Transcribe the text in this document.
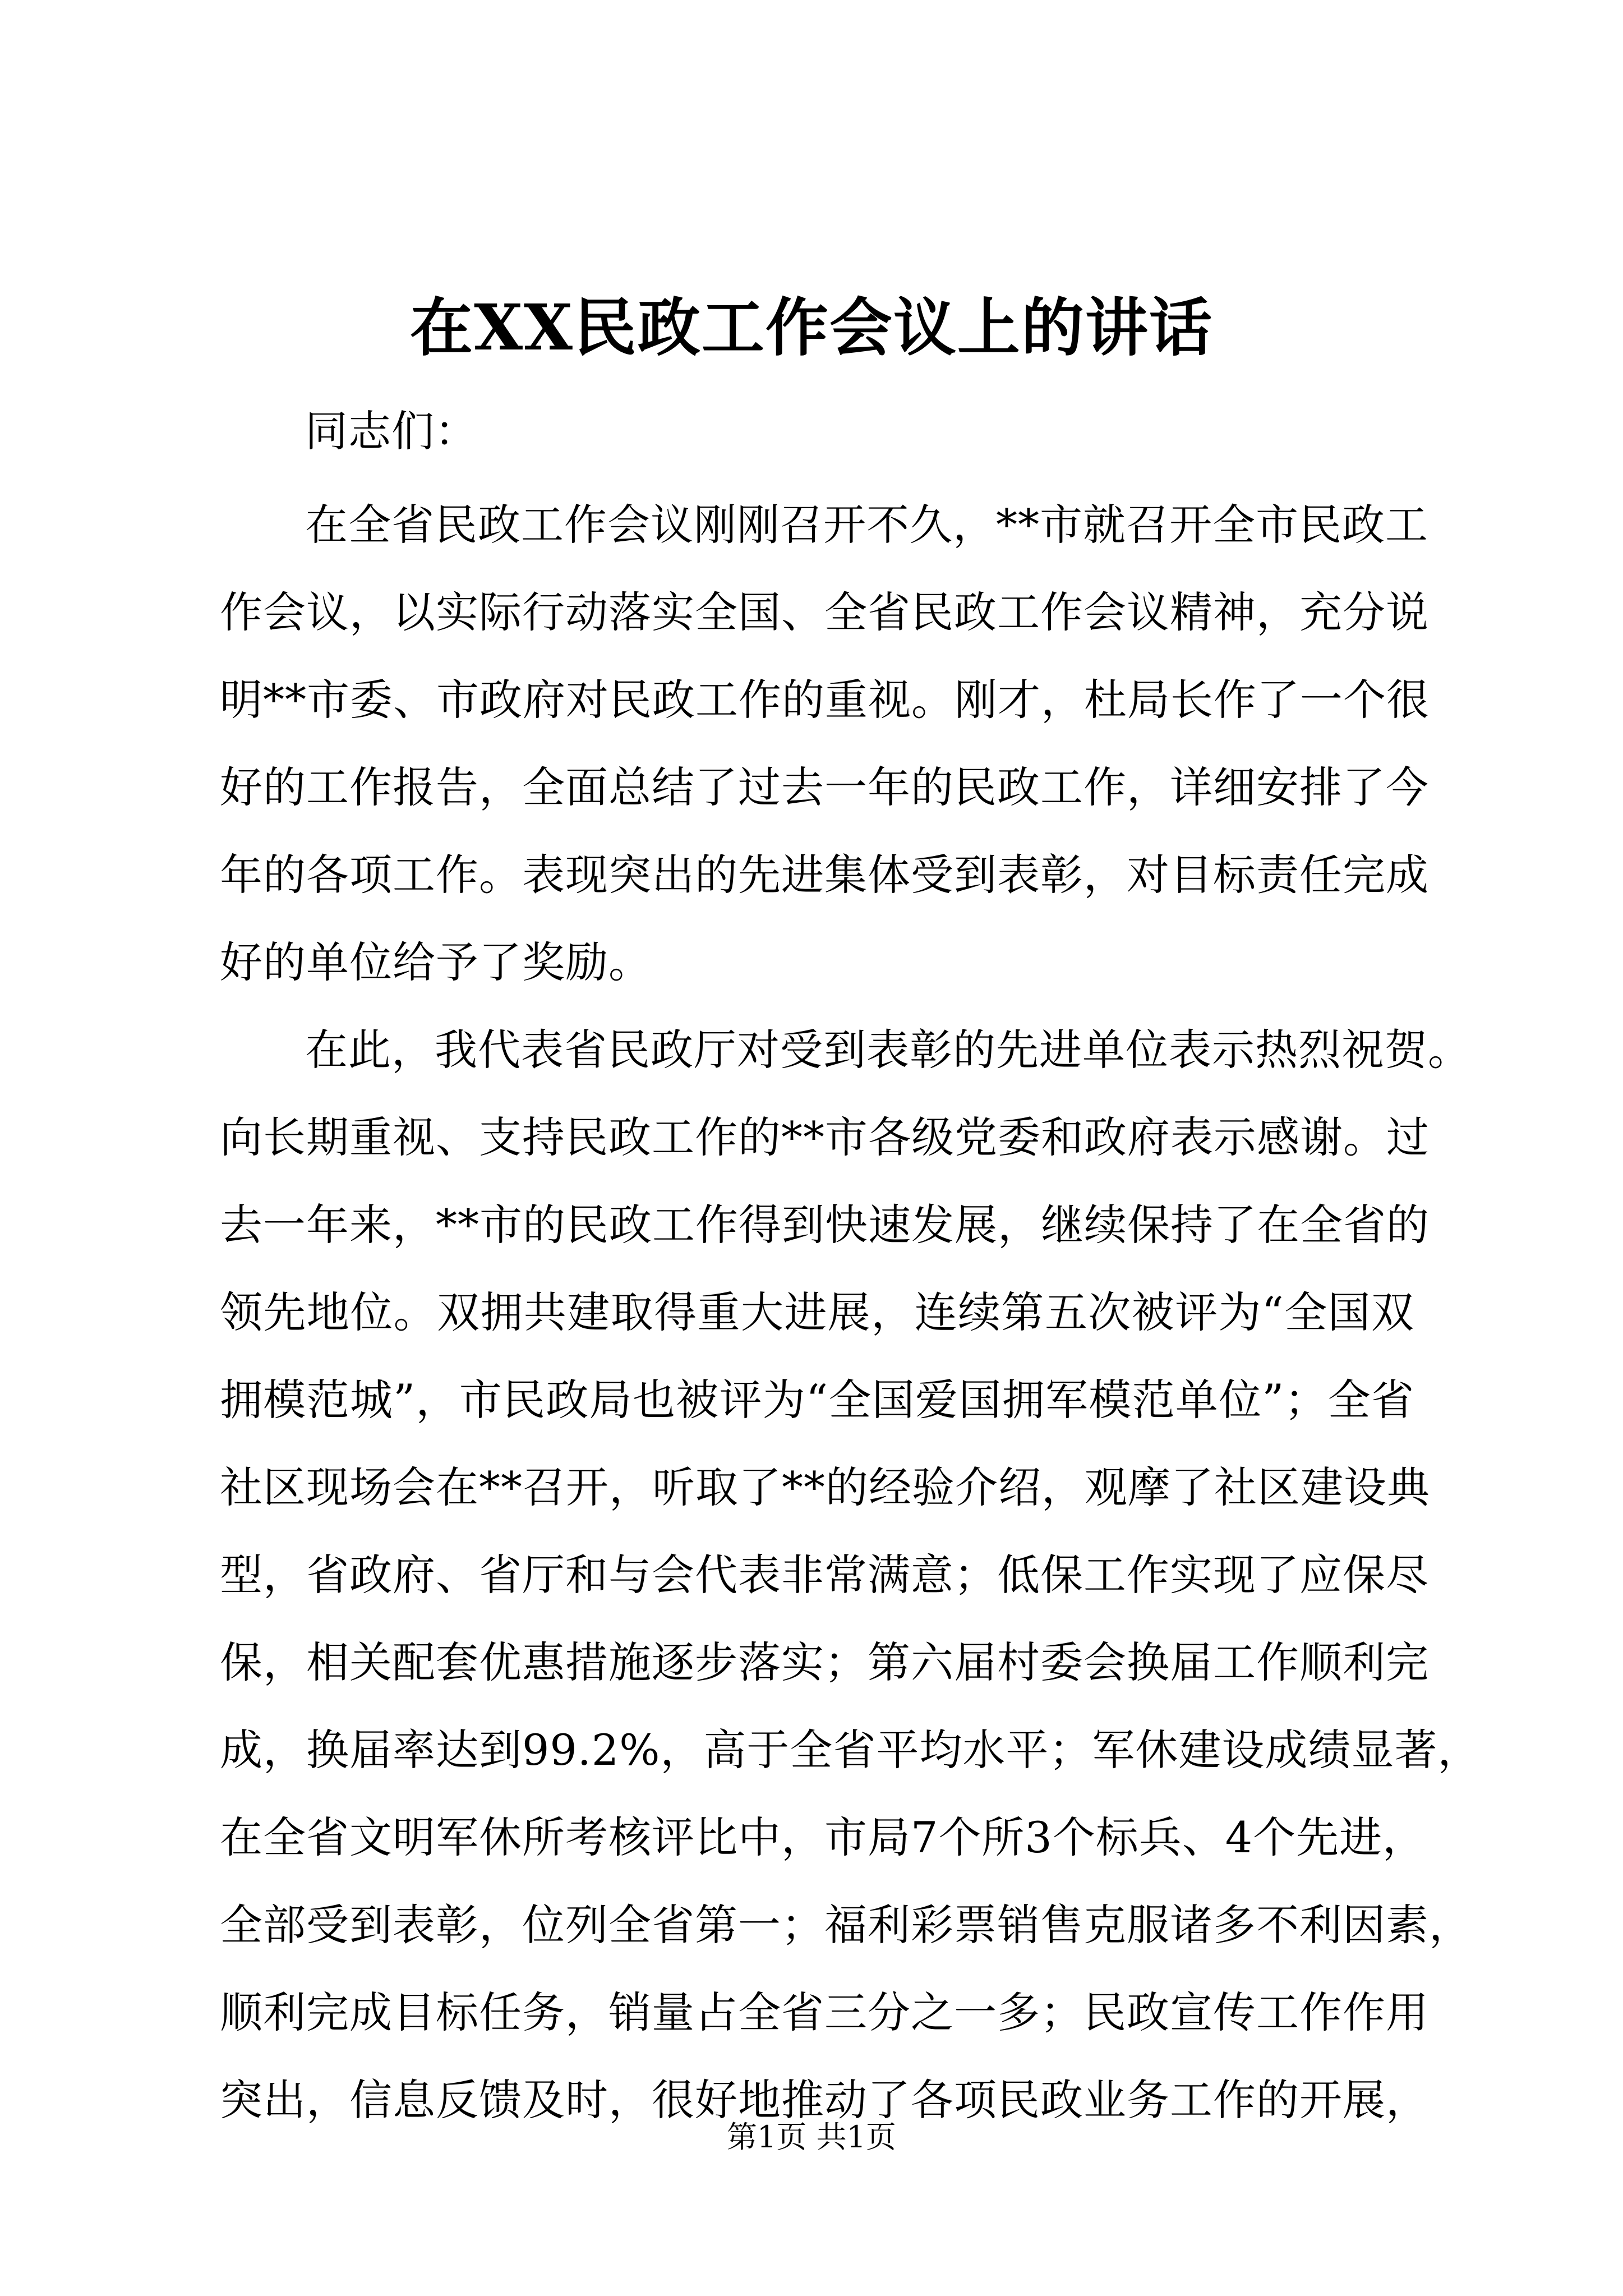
在XX民政工作会议上的讲话
同志们：
在全省民政工作会议刚刚召开不久，**市就召开全市民政工
作会议，以实际行动落实全国、全省民政工作会议精神，充分说
明**市委、市政府对民政工作的重视。刚才，杜局长作了一个很
好的工作报告，全面总结了过去一年的民政工作，详细安排了今
年的各项工作。表现突出的先进集体受到表彰，对目标责任完成
好的单位给予了奖励。
在此，我代表省民政厅对受到表彰的先进单位表示热烈祝贺。
向长期重视、支持民政工作的**市各级党委和政府表示感谢。过
去一年来，**市的民政工作得到快速发展，继续保持了在全省的
领先地位。双拥共建取得重大进展，连续第五次被评为“全国双
拥模范城”，市民政局也被评为“全国爱国拥军模范单位”；全省
社区现场会在**召开，听取了**的经验介绍，观摩了社区建设典
型，省政府、省厅和与会代表非常满意；低保工作实现了应保尽
保，相关配套优惠措施逐步落实；第六届村委会换届工作顺利完
成，换届率达到99.2%，高于全省平均水平；军休建设成绩显著，
在全省文明军休所考核评比中，市局7个所3个标兵、4个先进，
全部受到表彰，位列全省第一；福利彩票销售克服诸多不利因素，
顺利完成目标任务，销量占全省三分之一多；民政宣传工作作用
突出，信息反馈及时，很好地推动了各项民政业务工作的开展，
第1页 共1页
